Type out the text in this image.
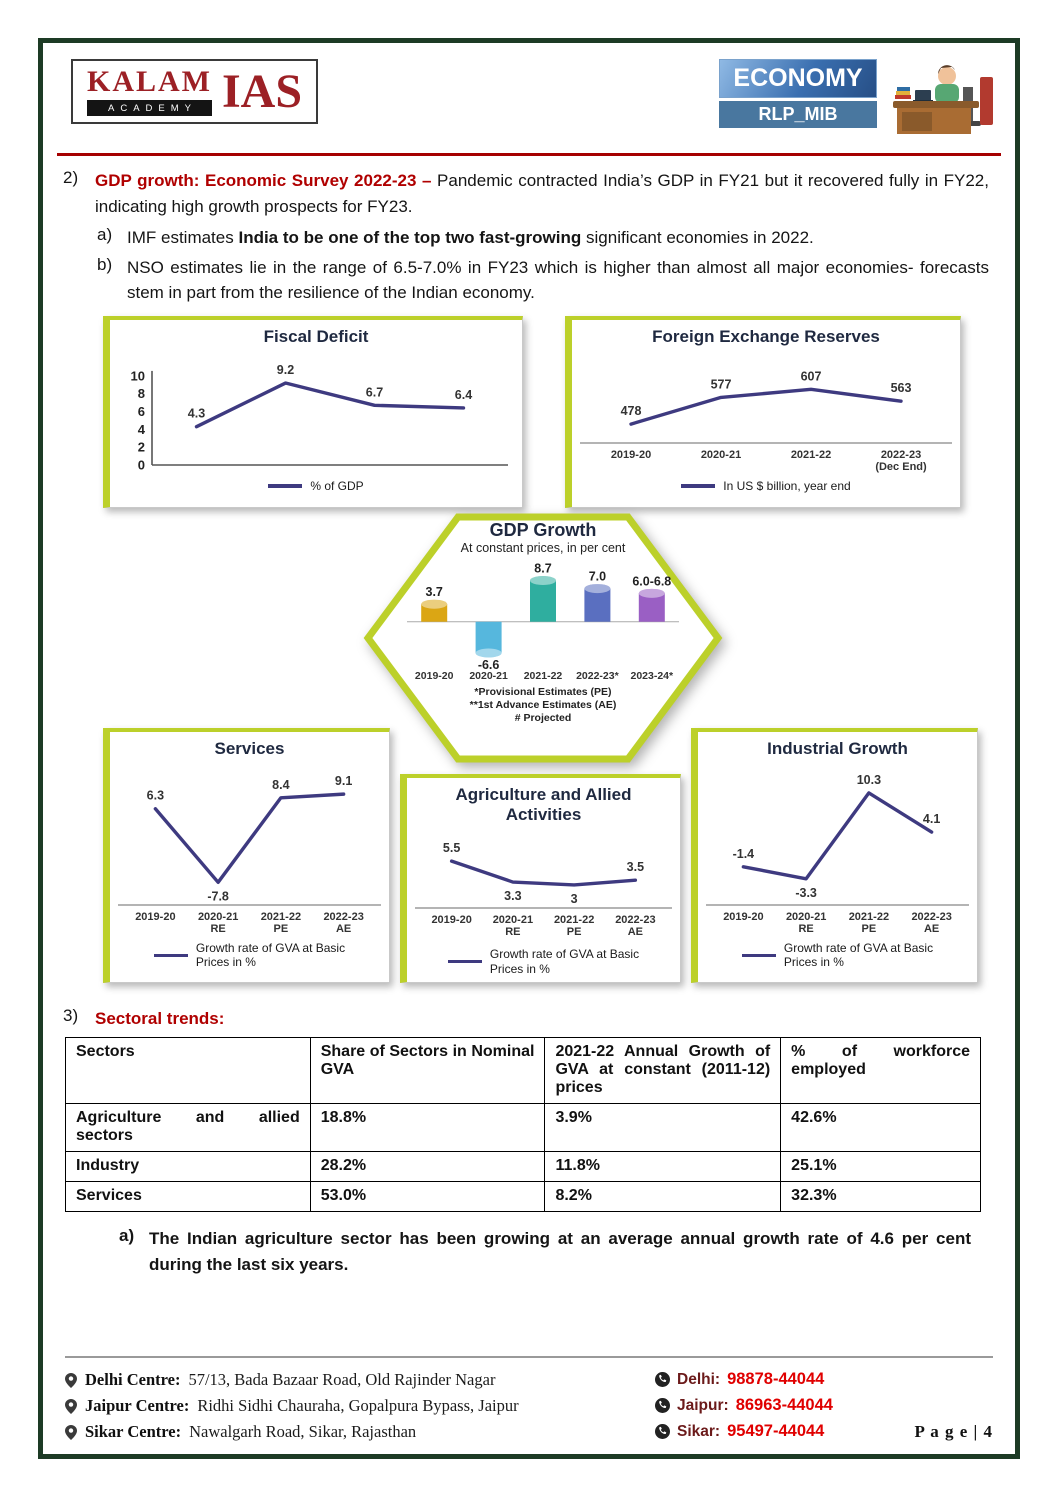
KALAM
ACADEMY IAS	ECONOMY
RLP_MIB
2) GDP growth: Economic Survey 2022-23 – Pandemic contracted India’s GDP in FY21 but it recovered fully in FY22, indicating high growth prospects for FY23.
a) IMF estimates India to be one of the top two fast-growing significant economies in 2022.
b) NSO estimates lie in the range of 6.5-7.0% in FY23 which is higher than almost all major economies- forecasts stem in part from the resilience of the Indian economy.
Fiscal Deficit
10
8
6
4
2
0
4.3
9.2
6.7	6.4
% of GDP
Foreign Exchange Reserves
478
577
607
563
2019-20	2020-21	2021-22	2022-23
(Dec End)
In US $ billion, year end
GDP Growth
At constant prices, in per cent
3.7
-6.6
8.7
7.0 6.0-6.8
2019-20 2020-21 2021-22 2022-23* 2023-24*
*Provisional Estimates (PE)
**1st Advance Estimates (AE)
# Projected
Services
6.3
-7.8
8.4	9.1
2019-20 2020-21
RE
2021-22
PE
2022-23
AE
Growth rate of GVA at Basic
Prices in %
Agriculture and Allied Activities
5.5
3.3	3
3.5
2019-20 2020-21
RE
2021-22
PE
2022-23
AE
Growth rate of GVA at Basic
Prices in %
Industrial Growth
-1.4
-3.3
10.3
4.1
2019-20 2020-21
RE
2021-22
PE
2022-23
AE
Growth rate of GVA at Basic
Prices in %
3) Sectoral trends:
Sectors	Share of Sectors in Nominal GVA	2021-22 Annual Growth of GVA at constant (2011-12) prices	% of workforce employed
Agriculture and allied sectors	18.8%	3.9%	42.6%
Industry	28.2%	11.8%	25.1%
Services	53.0%	8.2%	32.3%
a) The Indian agriculture sector has been growing at an average annual growth rate of 4.6 per cent during the last six years.
Delhi Centre: 57/13, Bada Bazaar Road, Old Rajinder Nagar
Jaipur Centre: Ridhi Sidhi Chauraha, Gopalpura Bypass, Jaipur
Sikar Centre: Nawalgarh Road, Sikar, Rajasthan
Delhi: 98878-44044
Jaipur: 86963-44044
Sikar: 95497-44044	P a g e | 4
